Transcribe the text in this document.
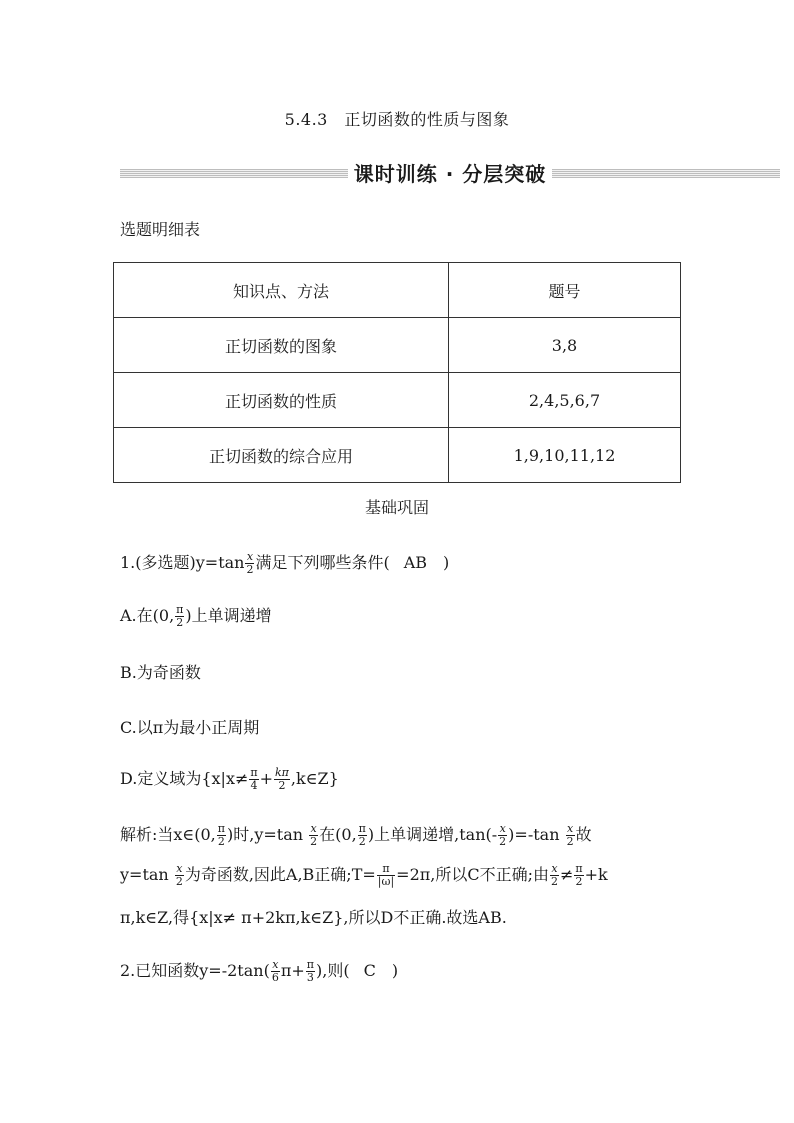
5.4.3　正切函数的性质与图象
课时训练 · 分层突破
选题明细表
知识点、方法	题号
正切函数的图象	3,8
正切函数的性质	2,4,5,6,7
正切函数的综合应用	1,9,10,11,12
基础巩固
1.(多选题)$y=\tan \frac{x}{2}$ 满足下列哪些条件( AB )
A.在(0, $\frac{\pi}{2}$ )上单调递增
B.为奇函数
C.以π为最小正周期
D.定义域为{$x|x\ne \frac{\pi}{4} + \frac{k\pi}{2}$ ,k∈Z}
解析:当x∈(0, $\frac{\pi}{2}$ )时$,y=\tan \frac{x}{2}$ 在(0, $\frac{\pi}{2}$ )上单调递增$,\tan(- \frac{x}{2} )=-\tan \frac{x}{2}$ 故
$y=\tan \frac{x}{2}$ 为奇函数,因此A,B正确;T= $\frac{\pi}{|\omega|} =2\pi$,所以C不正确;由 $\frac{x}{2} \ne \frac{\pi}{2} +k$
π,k∈Z,得{x|x≠ π+2kπ,k∈Z},所以D不正确.故选AB.
2.已知函数$y=-2\tan( \frac{x}{6} \pi+ \frac{\pi}{3}$ ),则( C )
